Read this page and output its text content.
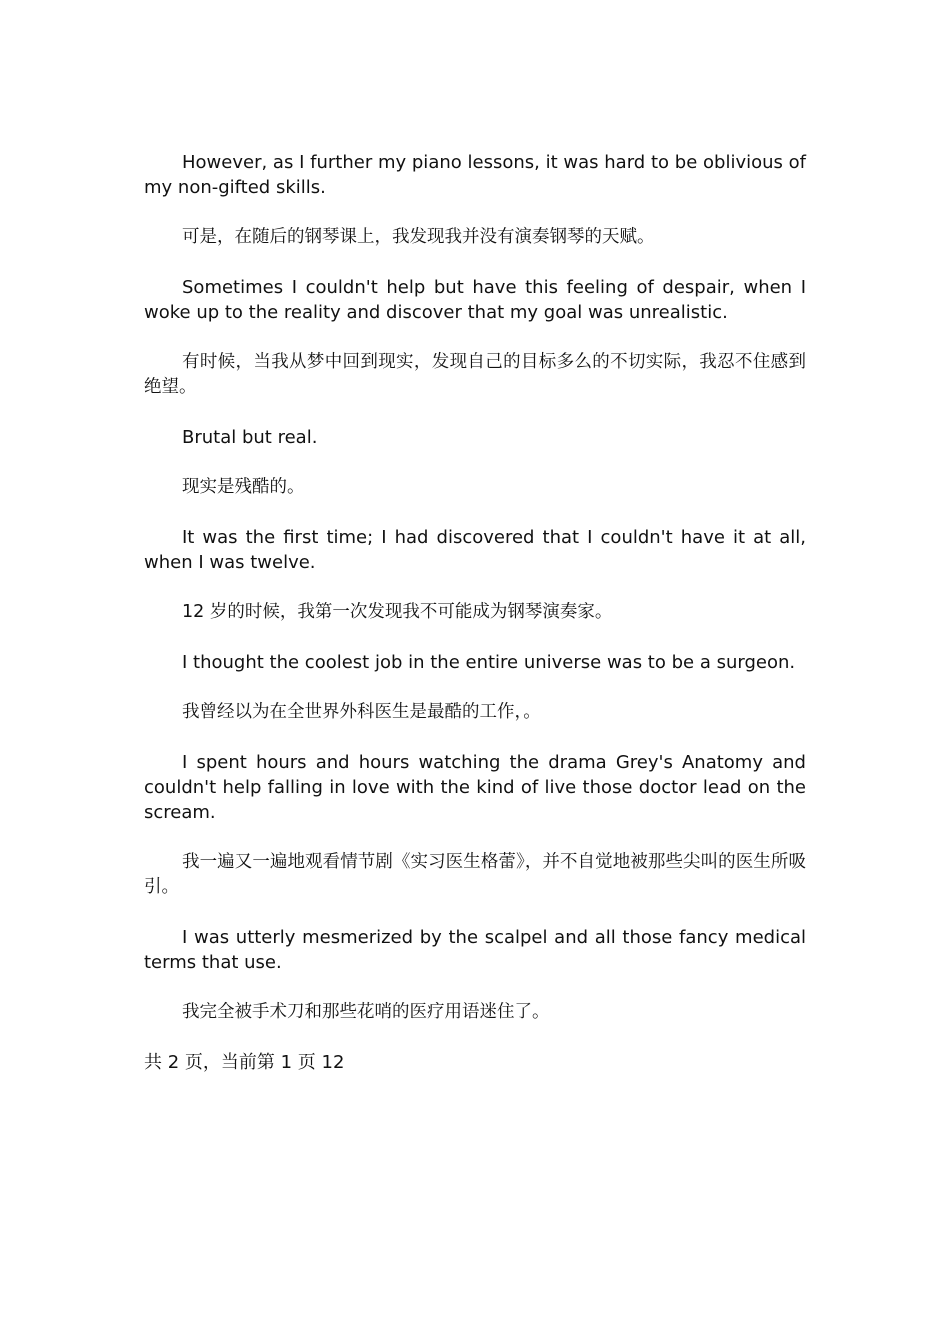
However, as I further my piano lessons, it was hard to be oblivious of my non-gifted skills.

可是，在随后的钢琴课上，我发现我并没有演奏钢琴的天赋。

Sometimes I couldn't help but have this feeling of despair, when I woke up to the reality and discover that my goal was unrealistic.

有时候，当我从梦中回到现实，发现自己的目标多么的不切实际，我忍不住感到绝望。

Brutal but real.

现实是残酷的。

It was the first time; I had discovered that I couldn't have it at all, when I was twelve.

12 岁的时候，我第一次发现我不可能成为钢琴演奏家。

I thought the coolest job in the entire universe was to be a surgeon.

我曾经以为在全世界外科医生是最酷的工作，。

I spent hours and hours watching the drama Grey's Anatomy and couldn't help falling in love with the kind of live those doctor lead on the scream.

我一遍又一遍地观看情节剧《实习医生格蕾》，并不自觉地被那些尖叫的医生所吸引。

I was utterly mesmerized by the scalpel and all those fancy medical terms that use.

我完全被手术刀和那些花哨的医疗用语迷住了。

共 2 页，当前第 1 页 12
